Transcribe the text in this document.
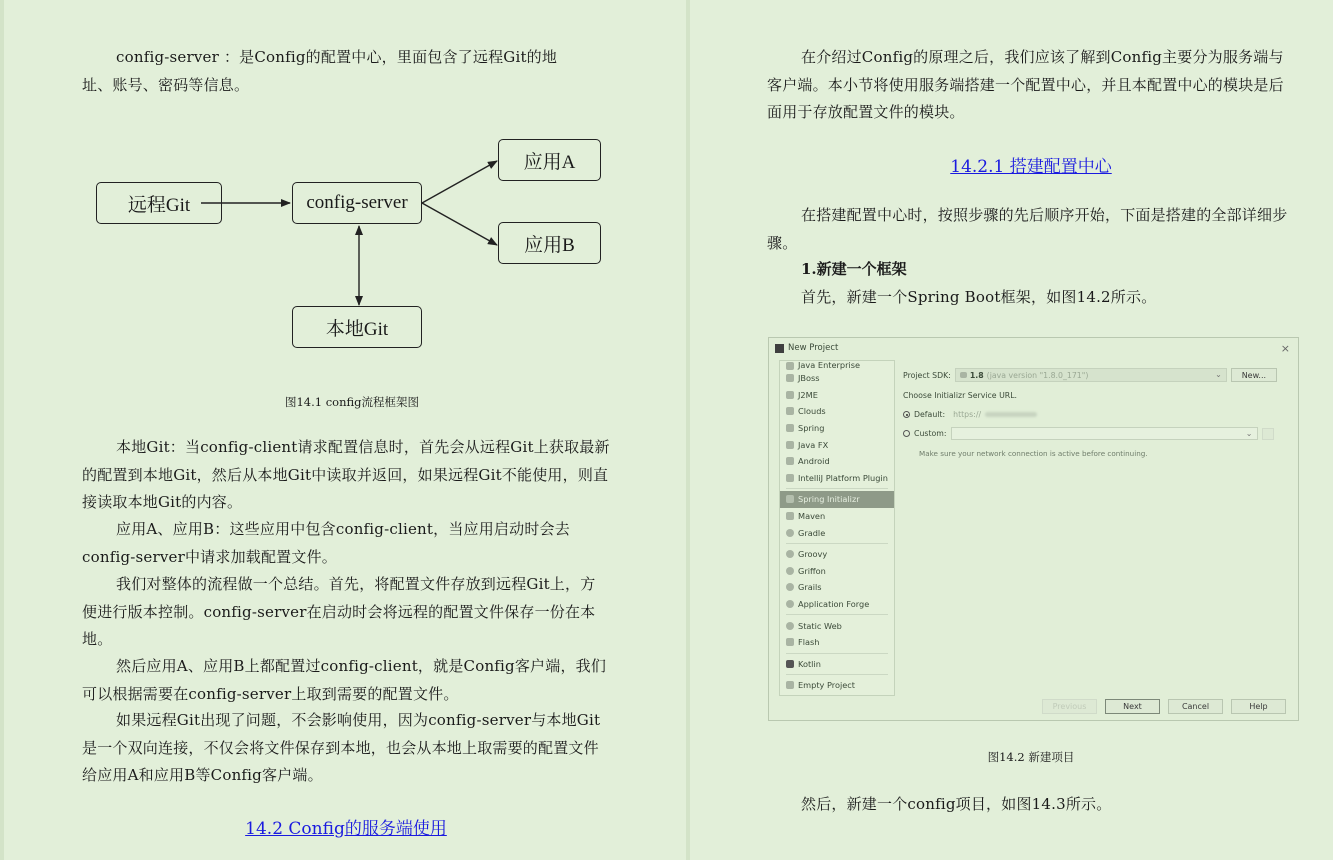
config-server ：是Config的配置中心，里面包含了远程Git的地
址、账号、密码等信息。
远程Git	config-server
应用A
应用B
本地Git
图14.1 config流程框架图
本地Git：当config-client请求配置信息时，首先会从远程Git上获取最新的配置到本地Git，然后从本地Git中读取并返回，如果远程Git不能使用，则直接读取本地Git的内容。
应用A、应用B：这些应用中包含config-client，当应用启动时会去config-server中请求加载配置文件。
我们对整体的流程做一个总结。首先，将配置文件存放到远程Git上，方便进行版本控制。config-server在启动时会将远程的配置文件保存一份在本地。
然后应用A、应用B上都配置过config-client，就是Config客户端，我们可以根据需要在config-server上取到需要的配置文件。
如果远程Git出现了问题，不会影响使用，因为config-server与本地Git是一个双向连接，不仅会将文件保存到本地，也会从本地上取需要的配置文件给应用A和应用B等Config客户端。
14.2 Config的服务端使用
在介绍过Config的原理之后，我们应该了解到Config主要分为服务端与客户端。本小节将使用服务端搭建一个配置中心，并且本配置中心的模块是后面用于存放配置文件的模块。
14.2.1 搭建配置中心
在搭建配置中心时，按照步骤的先后顺序开始，下面是搭建的全部详细步骤。
1.新建一个框架
首先，新建一个Spring Boot框架，如图14.2所示。
New Project	×
Java Enterprise
JBoss
J2ME
Clouds
Spring
Java FX
Android
IntelliJ Platform Plugin
Spring Initializr
Maven
Gradle
Groovy
Griffon
Grails
Application Forge
Static Web
Flash
Kotlin
Empty Project
Project SDK: 1.8 (java version "1.8.0_171")	⌄	New...
Choose Initializr Service URL.
Default: https://
Custom:	⌄
Make sure your network connection is active before continuing.
Previous	Next	Cancel	Help
图14.2 新建项目
然后，新建一个config项目，如图14.3所示。
